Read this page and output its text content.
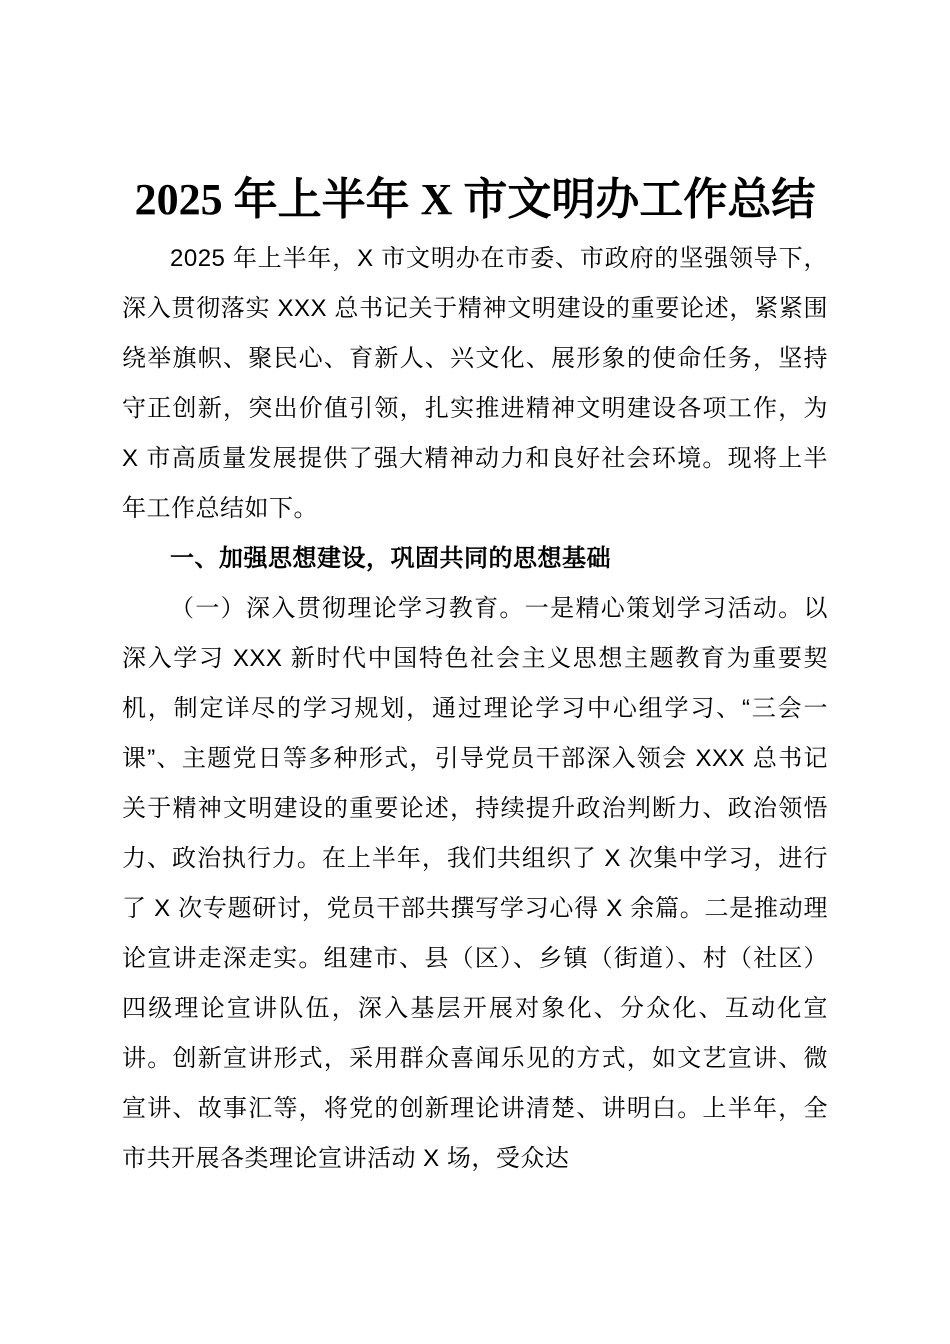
2025 年上半年 X 市文明办工作总结

2025 年上半年，X 市文明办在市委、市政府的坚强领导下，深入贯彻落实 XXX 总书记关于精神文明建设的重要论述，紧紧围绕举旗帜、聚民心、育新人、兴文化、展形象的使命任务，坚持守正创新，突出价值引领，扎实推进精神文明建设各项工作，为 X 市高质量发展提供了强大精神动力和良好社会环境。现将上半年工作总结如下。

一、加强思想建设，巩固共同的思想基础

（一）深入贯彻理论学习教育。一是精心策划学习活动。以深入学习 XXX 新时代中国特色社会主义思想主题教育为重要契机，制定详尽的学习规划，通过理论学习中心组学习、“三会一课”、主题党日等多种形式，引导党员干部深入领会 XXX 总书记关于精神文明建设的重要论述，持续提升政治判断力、政治领悟力、政治执行力。在上半年，我们共组织了 X 次集中学习，进行了 X 次专题研讨，党员干部共撰写学习心得 X 余篇。二是推动理论宣讲走深走实。组建市、县（区）、乡镇（街道）、村（社区）四级理论宣讲队伍，深入基层开展对象化、分众化、互动化宣讲。创新宣讲形式，采用群众喜闻乐见的方式，如文艺宣讲、微宣讲、故事汇等，将党的创新理论讲清楚、讲明白。上半年，全市共开展各类理论宣讲活动 X 场，受众达
